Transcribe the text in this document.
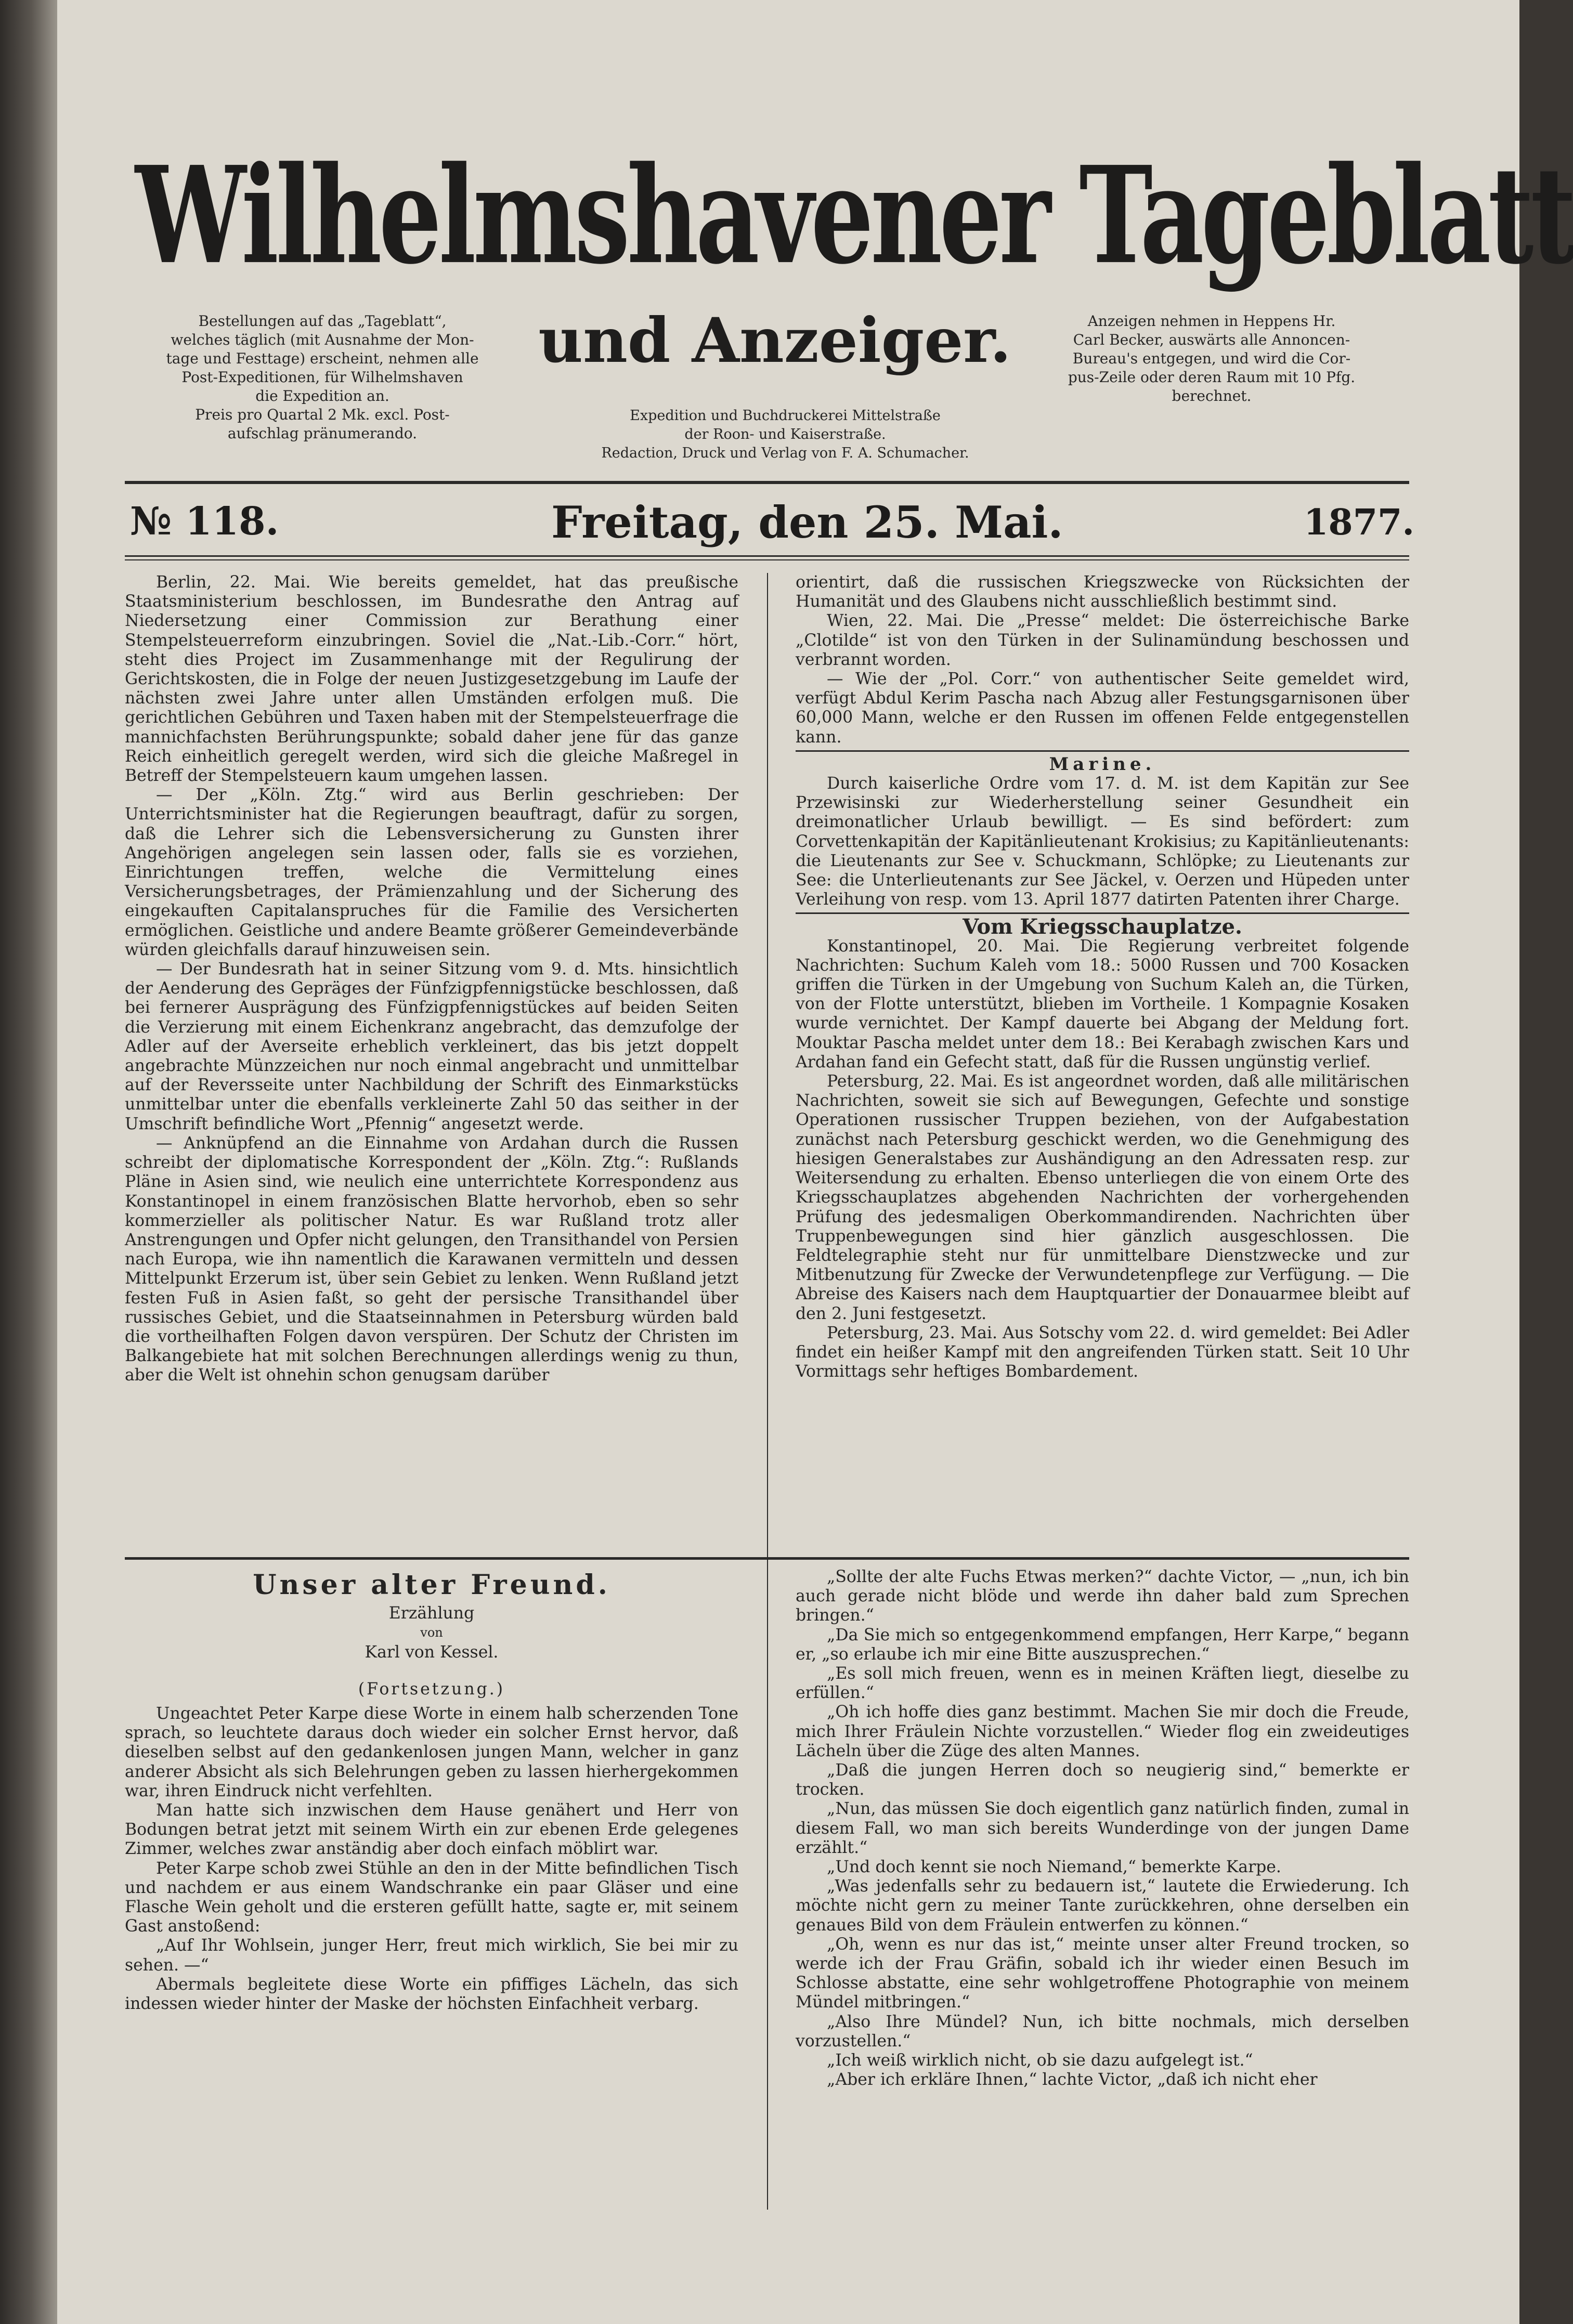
Wilhelmshavener Tageblatt
und Anzeiger.
Bestellungen auf das „Tageblatt“,
welches täglich (mit Ausnahme der Mon-
tage und Festtage) erscheint, nehmen alle
Post-Expeditionen, für Wilhelmshaven
die Expedition an.
Preis pro Quartal 2 Mk. excl. Post-
aufschlag pränumerando.
Anzeigen nehmen in Heppens Hr.
Carl Becker, auswärts alle Annoncen-
Bureau's entgegen, und wird die Cor-
pus-Zeile oder deren Raum mit 10 Pfg.
berechnet.
Expedition und Buchdruckerei Mittelstraße
der Roon- und Kaiserstraße.
Redaction, Druck und Verlag von F. A. Schumacher.
№ 118.	Freitag, den 25. Mai.	1877.

Berlin, 22. Mai. Wie bereits gemeldet, hat das preußische Staatsministerium beschlossen, im Bundesrathe den Antrag auf Niedersetzung einer Commission zur Berathung einer Stempelsteuerreform einzubringen. Soviel die „Nat.-Lib.-Corr.“ hört, steht dies Project im Zusammenhange mit der Regulirung der Gerichtskosten, die in Folge der neuen Justizgesetzgebung im Laufe der nächsten zwei Jahre unter allen Umständen erfolgen muß. Die gerichtlichen Gebühren und Taxen haben mit der Stempelsteuerfrage die mannichfachsten Berührungspunkte; sobald daher jene für das ganze Reich einheitlich geregelt werden, wird sich die gleiche Maßregel in Betreff der Stempelsteuern kaum umgehen lassen.

— Der „Köln. Ztg.“ wird aus Berlin geschrieben: Der Unterrichtsminister hat die Regierungen beauftragt, dafür zu sorgen, daß die Lehrer sich die Lebensversicherung zu Gunsten ihrer Angehörigen angelegen sein lassen oder, falls sie es vorziehen, Einrichtungen treffen, welche die Vermittelung eines Versicherungsbetrages, der Prämienzahlung und der Sicherung des eingekauften Capitalanspruches für die Familie des Versicherten ermöglichen. Geistliche und andere Beamte größerer Gemeindeverbände würden gleichfalls darauf hinzuweisen sein.

— Der Bundesrath hat in seiner Sitzung vom 9. d. Mts. hinsichtlich der Aenderung des Gepräges der Fünfzigpfennigstücke beschlossen, daß bei fernerer Ausprägung des Fünfzigpfennigstückes auf beiden Seiten die Verzierung mit einem Eichenkranz angebracht, das demzufolge der Adler auf der Averseite erheblich verkleinert, das bis jetzt doppelt angebrachte Münzzeichen nur noch einmal angebracht und unmittelbar auf der Reversseite unter Nachbildung der Schrift des Einmarkstücks unmittelbar unter die ebenfalls verkleinerte Zahl 50 das seither in der Umschrift befindliche Wort „Pfennig“ angesetzt werde.

— Anknüpfend an die Einnahme von Ardahan durch die Russen schreibt der diplomatische Korrespondent der „Köln. Ztg.“: Rußlands Pläne in Asien sind, wie neulich eine unterrichtete Korrespondenz aus Konstantinopel in einem französischen Blatte hervorhob, eben so sehr kommerzieller als politischer Natur. Es war Rußland trotz aller Anstrengungen und Opfer nicht gelungen, den Transithandel von Persien nach Europa, wie ihn namentlich die Karawanen vermitteln und dessen Mittelpunkt Erzerum ist, über sein Gebiet zu lenken. Wenn Rußland jetzt festen Fuß in Asien faßt, so geht der persische Transithandel über russisches Gebiet, und die Staatseinnahmen in Petersburg würden bald die vortheilhaften Folgen davon verspüren. Der Schutz der Christen im Balkangebiete hat mit solchen Berechnungen allerdings wenig zu thun, aber die Welt ist ohnehin schon genugsam darüber

orientirt, daß die russischen Kriegszwecke von Rücksichten der Humanität und des Glaubens nicht ausschließlich bestimmt sind.

Wien, 22. Mai. Die „Presse“ meldet: Die österreichische Barke „Clotilde“ ist von den Türken in der Sulinamündung beschossen und verbrannt worden.

— Wie der „Pol. Corr.“ von authentischer Seite gemeldet wird, verfügt Abdul Kerim Pascha nach Abzug aller Festungsgarnisonen über 60,000 Mann, welche er den Russen im offenen Felde entgegenstellen kann.

Marine.

Durch kaiserliche Ordre vom 17. d. M. ist dem Kapitän zur See Przewisinski zur Wiederherstellung seiner Gesundheit ein dreimonatlicher Urlaub bewilligt. — Es sind befördert: zum Corvettenkapitän der Kapitänlieutenant Krokisius; zu Kapitänlieutenants: die Lieutenants zur See v. Schuckmann, Schlöpke; zu Lieutenants zur See: die Unterlieutenants zur See Jäckel, v. Oerzen und Hüpeden unter Verleihung von resp. vom 13. April 1877 datirten Patenten ihrer Charge.

Vom Kriegsschauplatze.

Konstantinopel, 20. Mai. Die Regierung verbreitet folgende Nachrichten: Suchum Kaleh vom 18.: 5000 Russen und 700 Kosacken griffen die Türken in der Umgebung von Suchum Kaleh an, die Türken, von der Flotte unterstützt, blieben im Vortheile. 1 Kompagnie Kosaken wurde vernichtet. Der Kampf dauerte bei Abgang der Meldung fort. Mouktar Pascha meldet unter dem 18.: Bei Kerabagh zwischen Kars und Ardahan fand ein Gefecht statt, daß für die Russen ungünstig verlief.

Petersburg, 22. Mai. Es ist angeordnet worden, daß alle militärischen Nachrichten, soweit sie sich auf Bewegungen, Gefechte und sonstige Operationen russischer Truppen beziehen, von der Aufgabestation zunächst nach Petersburg geschickt werden, wo die Genehmigung des hiesigen Generalstabes zur Aushändigung an den Adressaten resp. zur Weitersendung zu erhalten. Ebenso unterliegen die von einem Orte des Kriegsschauplatzes abgehenden Nachrichten der vorhergehenden Prüfung des jedesmaligen Oberkommandirenden. Nachrichten über Truppenbewegungen sind hier gänzlich ausgeschlossen. Die Feldtelegraphie steht nur für unmittelbare Dienstzwecke und zur Mitbenutzung für Zwecke der Verwundetenpflege zur Verfügung. — Die Abreise des Kaisers nach dem Hauptquartier der Donauarmee bleibt auf den 2. Juni festgesetzt.

Petersburg, 23. Mai. Aus Sotschy vom 22. d. wird gemeldet: Bei Adler findet ein heißer Kampf mit den angreifenden Türken statt. Seit 10 Uhr Vormittags sehr heftiges Bombardement.

Unser alter Freund.

Erzählung

von

Karl von Kessel.

(Fortsetzung.)

Ungeachtet Peter Karpe diese Worte in einem halb scherzenden Tone sprach, so leuchtete daraus doch wieder ein solcher Ernst hervor, daß dieselben selbst auf den gedankenlosen jungen Mann, welcher in ganz anderer Absicht als sich Belehrungen geben zu lassen hierhergekommen war, ihren Eindruck nicht verfehlten.

Man hatte sich inzwischen dem Hause genähert und Herr von Bodungen betrat jetzt mit seinem Wirth ein zur ebenen Erde gelegenes Zimmer, welches zwar anständig aber doch einfach möblirt war.

Peter Karpe schob zwei Stühle an den in der Mitte befindlichen Tisch und nachdem er aus einem Wandschranke ein paar Gläser und eine Flasche Wein geholt und die ersteren gefüllt hatte, sagte er, mit seinem Gast anstoßend:

„Auf Ihr Wohlsein, junger Herr, freut mich wirklich, Sie bei mir zu sehen. —“

Abermals begleitete diese Worte ein pfiffiges Lächeln, das sich indessen wieder hinter der Maske der höchsten Einfachheit verbarg.

„Sollte der alte Fuchs Etwas merken?“ dachte Victor, — „nun, ich bin auch gerade nicht blöde und werde ihn daher bald zum Sprechen bringen.“

„Da Sie mich so entgegenkommend empfangen, Herr Karpe,“ begann er, „so erlaube ich mir eine Bitte auszusprechen.“

„Es soll mich freuen, wenn es in meinen Kräften liegt, dieselbe zu erfüllen.“

„Oh ich hoffe dies ganz bestimmt. Machen Sie mir doch die Freude, mich Ihrer Fräulein Nichte vorzustellen.“ Wieder flog ein zweideutiges Lächeln über die Züge des alten Mannes.

„Daß die jungen Herren doch so neugierig sind,“ bemerkte er trocken.

„Nun, das müssen Sie doch eigentlich ganz natürlich finden, zumal in diesem Fall, wo man sich bereits Wunderdinge von der jungen Dame erzählt.“

„Und doch kennt sie noch Niemand,“ bemerkte Karpe.

„Was jedenfalls sehr zu bedauern ist,“ lautete die Erwiederung. Ich möchte nicht gern zu meiner Tante zurückkehren, ohne derselben ein genaues Bild von dem Fräulein entwerfen zu können.“

„Oh, wenn es nur das ist,“ meinte unser alter Freund trocken, so werde ich der Frau Gräfin, sobald ich ihr wieder einen Besuch im Schlosse abstatte, eine sehr wohlgetroffene Photographie von meinem Mündel mitbringen.“

„Also Ihre Mündel? Nun, ich bitte nochmals, mich derselben vorzustellen.“

„Ich weiß wirklich nicht, ob sie dazu aufgelegt ist.“

„Aber ich erkläre Ihnen,“ lachte Victor, „daß ich nicht eher
